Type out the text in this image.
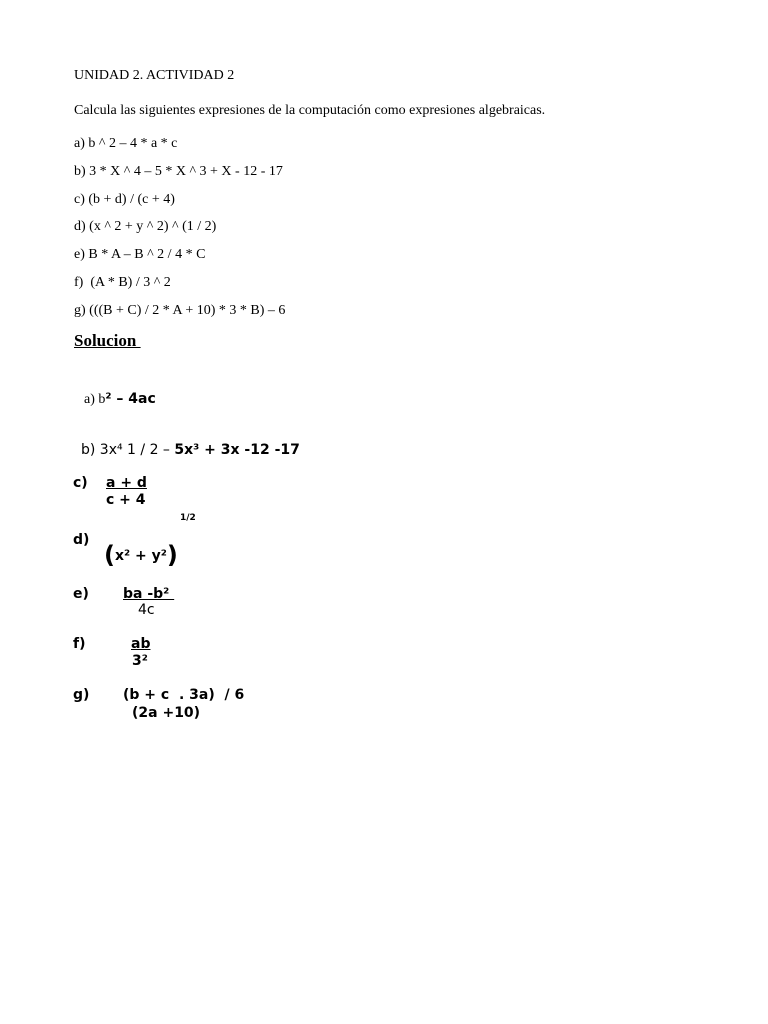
UNIDAD 2. ACTIVIDAD 2
Calcula las siguientes expresiones de la computación como expresiones algebraicas.
a) b ^ 2 – 4 * a * c
b) 3 * X ^ 4 – 5 * X ^ 3 + X - 12 - 17
c) (b + d) / (c + 4)
d) (x ^ 2 + y ^ 2) ^ (1 / 2)
e) B * A – B ^ 2 / 4 * C
f)  (A * B) / 3 ^ 2
g) (((B + C) / 2 * A + 10) * 3 * B) – 6
Solucion

a) b² – 4ac

b) 3x⁴ 1 / 2 – 5x³ + 3x -12 -17

c) a + d
c + 4
1/2
d)

(x² + y²)

e) ba -b²
4c
f)	ab
3²
g) (b + c  . 3a)  / 6
(2a +10)
